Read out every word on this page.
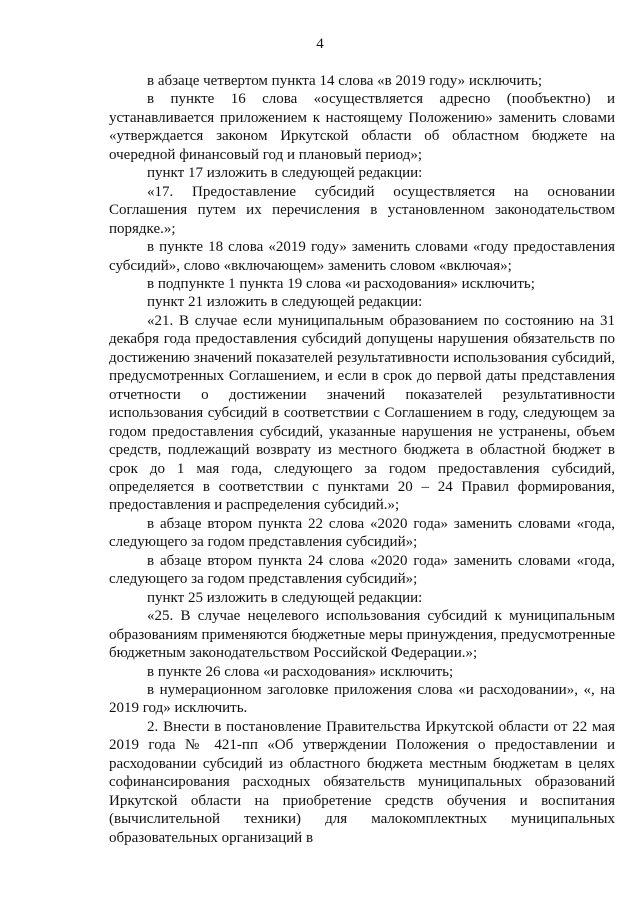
4

в абзаце четвертом пункта 14 слова «в 2019 году» исключить;

в пункте 16 слова «осуществляется адресно (пообъектно) и устанавливается приложением к настоящему Положению» заменить словами «утверждается законом Иркутской области об областном бюджете на очередной финансовый год и плановый период»;

пункт 17 изложить в следующей редакции:

«17. Предоставление субсидий осуществляется на основании Соглашения путем их перечисления в установленном законодательством порядке.»;

в пункте 18 слова «2019 году» заменить словами «году предоставления субсидий», слово «включающем» заменить словом «включая»;

в подпункте 1 пункта 19 слова «и расходования» исключить;

пункт 21 изложить в следующей редакции:

«21. В случае если муниципальным образованием по состоянию на 31 декабря года предоставления субсидий допущены нарушения обязательств по достижению значений показателей результативности использования субсидий, предусмотренных Соглашением, и если в срок до первой даты представления отчетности о достижении значений показателей результативности использования субсидий в соответствии с Соглашением в году, следующем за годом предоставления субсидий, указанные нарушения не устранены, объем средств, подлежащий возврату из местного бюджета в областной бюджет в срок до 1 мая года, следующего за годом предоставления субсидий, определяется в соответствии с пунктами 20 – 24 Правил формирования, предоставления и распределения субсидий.»;

в абзаце втором пункта 22 слова «2020 года» заменить словами «года, следующего за годом представления субсидий»;

в абзаце втором пункта 24 слова «2020 года» заменить словами «года, следующего за годом представления субсидий»;

пункт 25 изложить в следующей редакции:

«25. В случае нецелевого использования субсидий к муниципальным образованиям применяются бюджетные меры принуждения, предусмотренные бюджетным законодательством Российской Федерации.»;

в пункте 26 слова «и расходования» исключить;

в нумерационном заголовке приложения слова «и расходовании», «, на 2019 год» исключить.

2. Внести в постановление Правительства Иркутской области от 22 мая 2019 года № 421-пп «Об утверждении Положения о предоставлении и расходовании субсидий из областного бюджета местным бюджетам в целях софинансирования расходных обязательств муниципальных образований Иркутской области на приобретение средств обучения и воспитания (вычислительной техники) для малокомплектных муниципальных образовательных организаций в
